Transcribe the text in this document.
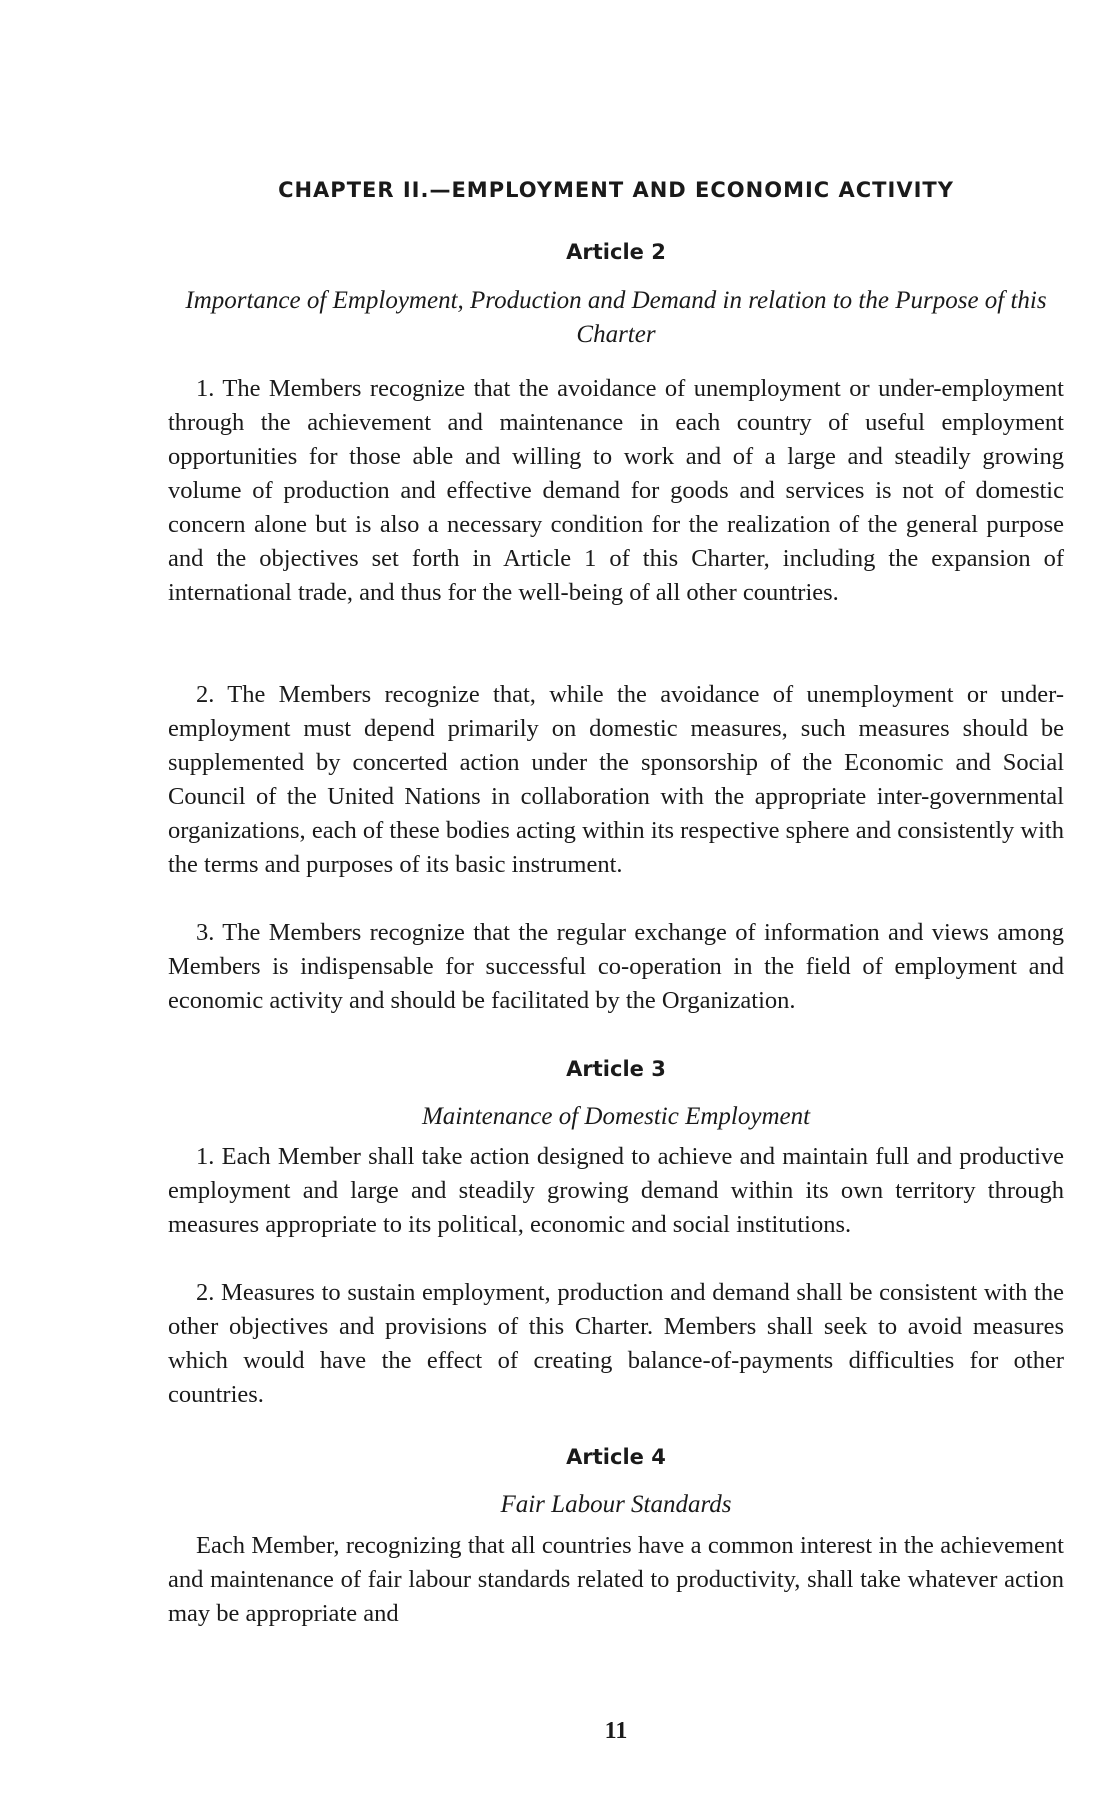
CHAPTER II.—EMPLOYMENT AND ECONOMIC ACTIVITY
Article 2
Importance of Employment, Production and Demand in relation to the Purpose of this Charter

1. The Members recognize that the avoidance of unemployment or under-employment through the achievement and maintenance in each country of useful employment opportunities for those able and willing to work and of a large and steadily growing volume of production and effective demand for goods and services is not of domestic concern alone but is also a necessary condition for the realization of the general purpose and the objectives set forth in Article 1 of this Charter, including the expansion of international trade, and thus for the well-being of all other countries.

2. The Members recognize that, while the avoidance of unemployment or under-employment must depend primarily on domestic measures, such measures should be supplemented by concerted action under the sponsorship of the Economic and Social Council of the United Nations in collaboration with the appropriate inter-governmental organizations, each of these bodies acting within its respective sphere and consistently with the terms and purposes of its basic instrument.

3. The Members recognize that the regular exchange of information and views among Members is indispensable for successful co-operation in the field of employment and economic activity and should be facilitated by the Organization.

Article 3
Maintenance of Domestic Employment

1. Each Member shall take action designed to achieve and maintain full and productive employment and large and steadily growing demand within its own territory through measures appropriate to its political, economic and social institutions.

2. Measures to sustain employment, production and demand shall be consistent with the other objectives and provisions of this Charter. Members shall seek to avoid measures which would have the effect of creating balance-of-payments difficulties for other countries.

Article 4
Fair Labour Standards

Each Member, recognizing that all countries have a common interest in the achievement and maintenance of fair labour standards related to productivity, shall take whatever action may be appropriate and

11
